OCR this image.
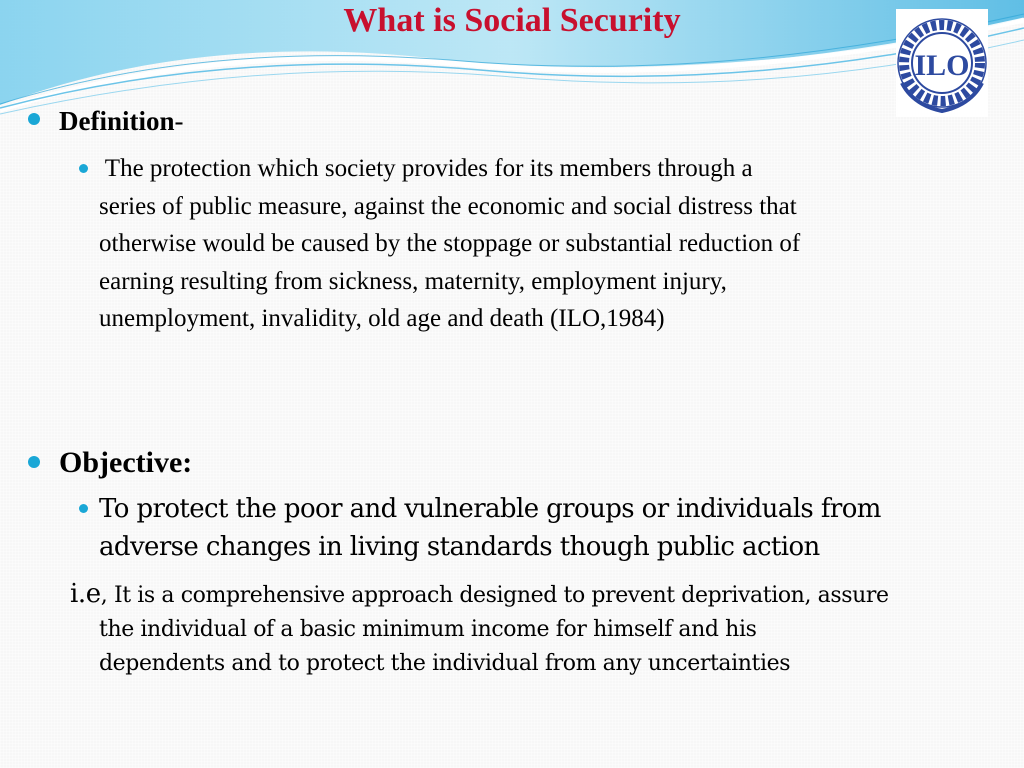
What is Social Security
ILO
Definition-
The protection which society provides for its members through a
series of public measure, against the economic and social distress that
otherwise would be caused by the stoppage or substantial reduction of
earning resulting from sickness, maternity, employment injury,
unemployment, invalidity, old age and death (ILO,1984)
Objective:
To protect the poor and vulnerable groups or individuals from
adverse changes in living standards though public action
i.e, It is a comprehensive approach designed to prevent deprivation, assure
the individual of a basic minimum income for himself and his
dependents and to protect the individual from any uncertainties
